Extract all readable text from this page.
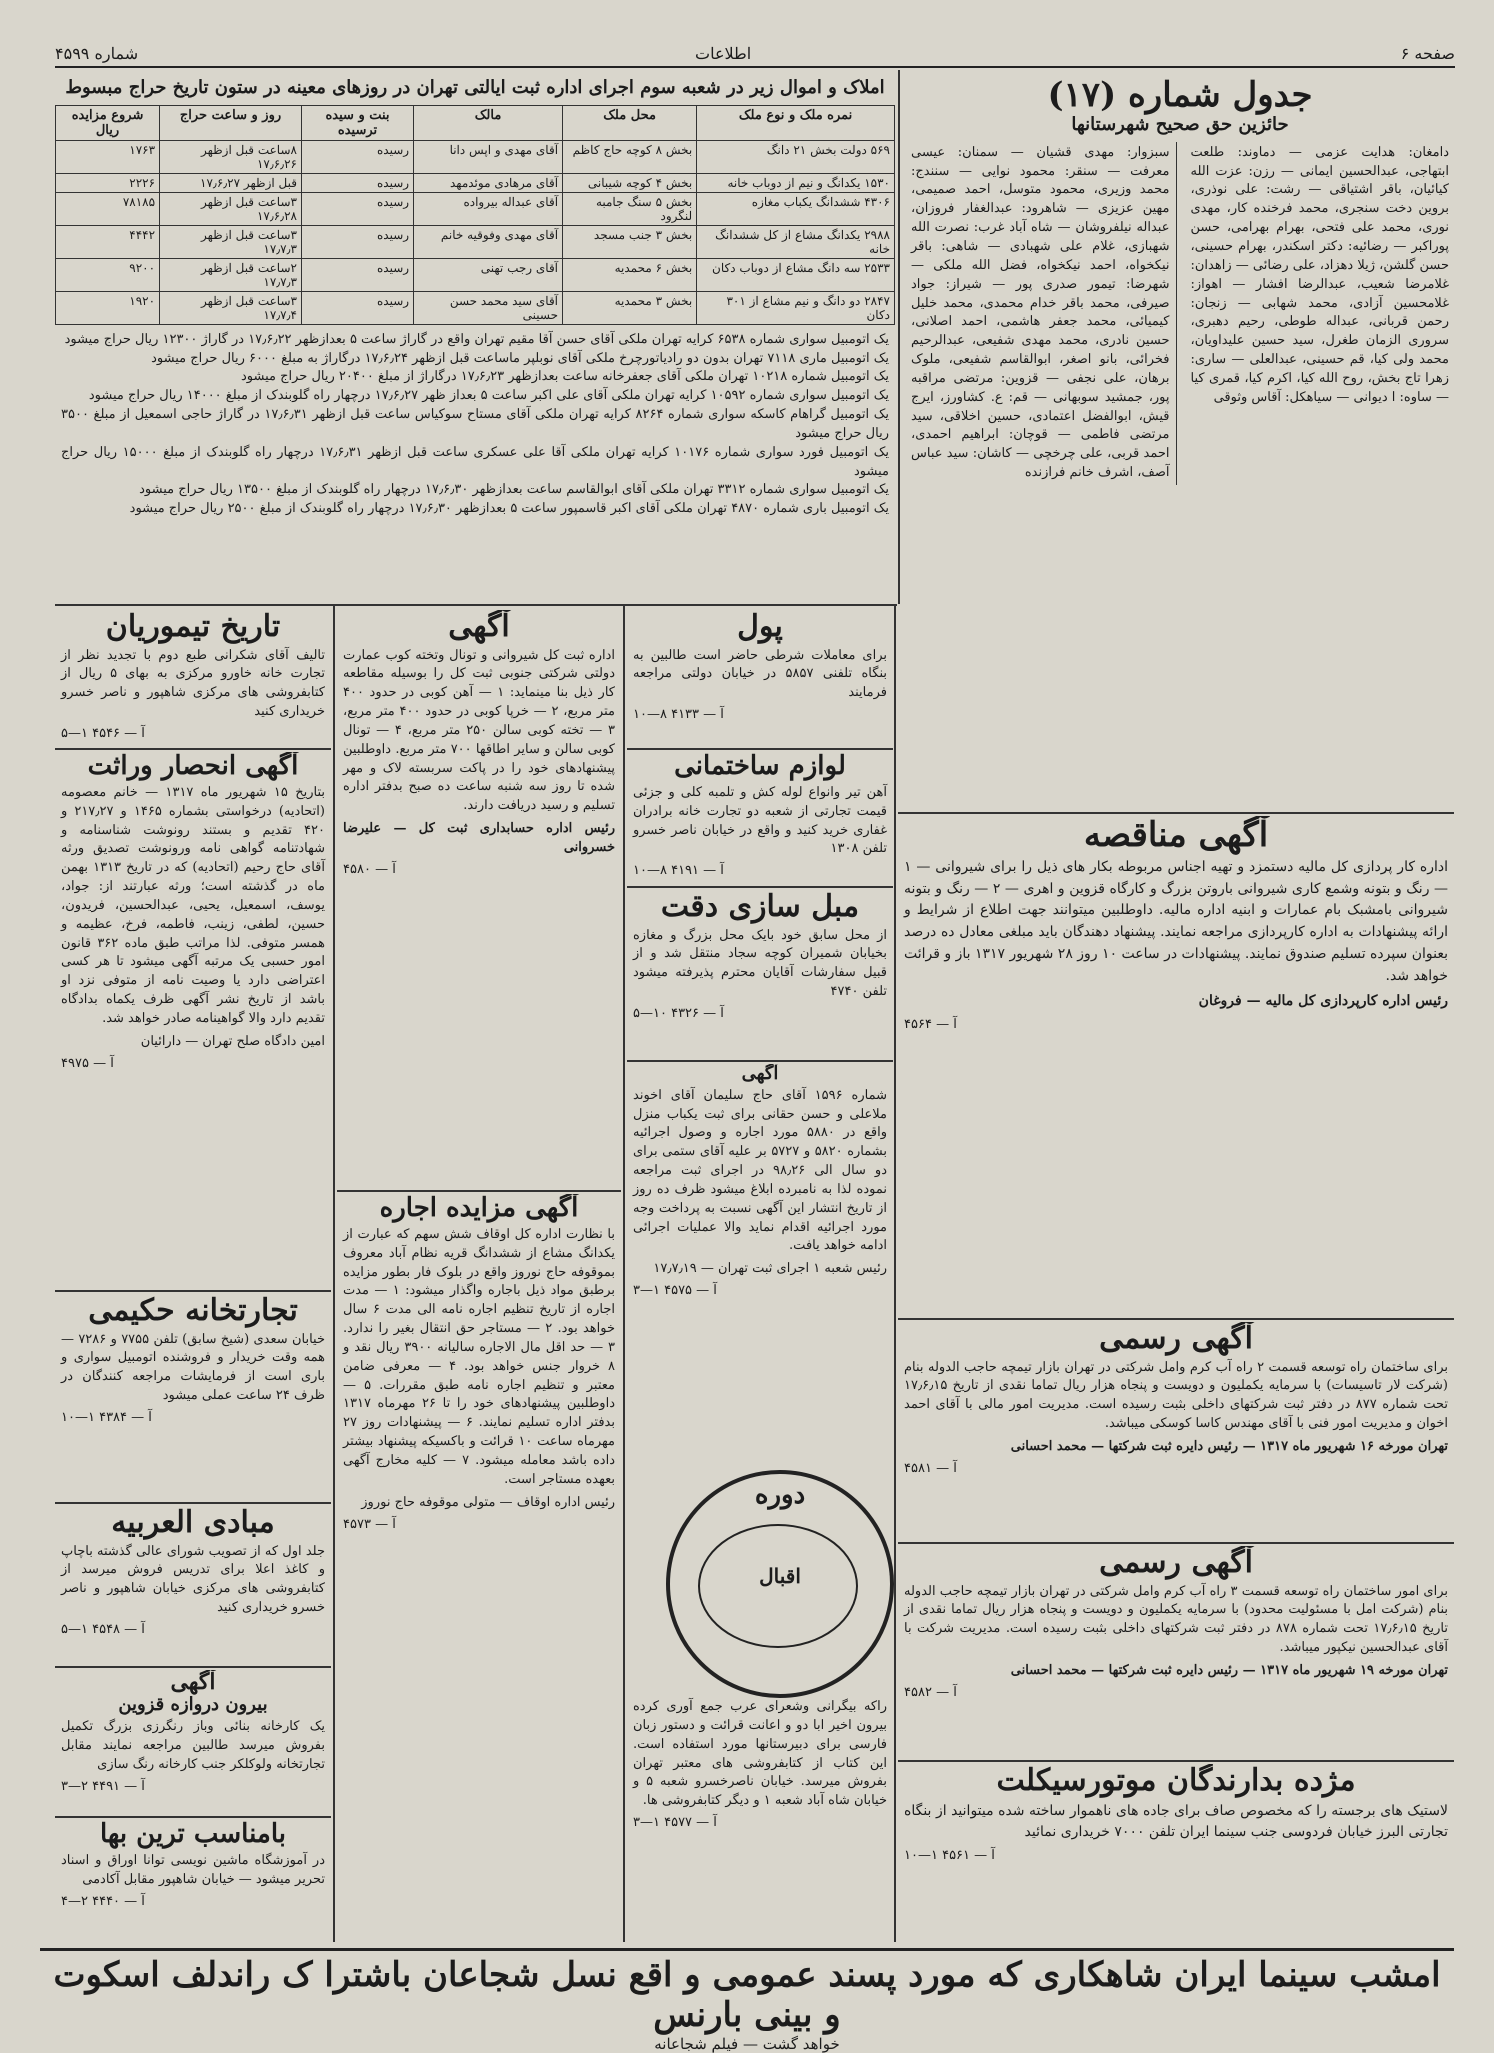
شماره ۴۵۹۹	اطلاعات	صفحه ۶
املاک و اموال زیر در شعبه سوم اجرای اداره ثبت ایالتی تهران در روزهای معینه در ستون تاریخ حراج مبسوط
نمره ملک و نوع ملک	محل ملک	مالک	بنت و سیده ترسیده	روز و ساعت حراج	شروع مزایده ریال
۵۶۹ دولت بخش ۲۱ دانگ	بخش ۸ کوچه حاج کاظم	آقای مهدی و اپس دانا	رسیده	۸ساعت قبل ازظهر ۱۷٫۶٫۲۶	۱۷۶۳
۱۵۳۰ یکدانگ و نیم از دوباب خانه	بخش ۴ کوچه شیبانی	آقای مرهادی موئدمهد	رسیده	قبل ازظهر ۱۷٫۶٫۲۷	۲۲۲۶
۴۳۰۶ ششدانگ یکباب مغازه	بخش ۵ سنگ جامبه لنگرود	آقای عبداله بیرواده	رسیده	۳ساعت قبل ازظهر ۱۷٫۶٫۲۸	۷۸۱۸۵
۲۹۸۸ یکدانگ مشاع از کل ششدانگ خانه	بخش ۳ جنب مسجد	آقای مهدی وفوقیه خانم	رسیده	۳ساعت قبل ازظهر ۱۷٫۷٫۳	۴۴۴۲
۲۵۳۳ سه دانگ مشاع از دوباب دکان	بخش ۶ محمدیه	آقای رجب تهنی	رسیده	۲ساعت قبل ازظهر ۱۷٫۷٫۳	۹۲۰۰
۲۸۴۷ دو دانگ و نیم مشاع از ۳۰۱ دکان	بخش ۳ محمدیه	آقای سید محمد حسن حسینی	رسیده	۳ساعت قبل ازظهر ۱۷٫۷٫۴	۱۹۲۰
یک اتومبیل سواری شماره ۶۵۳۸ کرایه تهران ملکی آقای حسن آقا مقیم تهران واقع در گاراژ ساعت ۵ بعدازظهر ۱۷٫۶٫۲۲ در گاراژ ۱۲۳۰۰ ریال حراج میشود
یک اتومبیل ماری ۷۱۱۸ تهران بدون دو رادیاتورچرخ ملکی آقای نوبلپر ماساعت قبل ازظهر ۱۷٫۶٫۲۴ درگاراژ به مبلغ ۶۰۰۰ ریال حراج میشود
یک اتومبیل شماره ۱۰۲۱۸ تهران ملکی آقای جعفرخانه ساعت بعدازظهر ۱۷٫۶٫۲۳ درگاراژ از مبلغ ۲۰۴۰۰ ریال حراج میشود
یک اتومبیل سواری شماره ۱۰۵۹۲ کرایه تهران ملکی آقای علی اکبر ساعت ۵ بعداز ظهر ۱۷٫۶٫۲۷ درچهار راه گلوبندک از مبلغ ۱۴۰۰۰ ریال حراج میشود
یک اتومبیل گراهام کاسکه سواری شماره ۸۲۶۴ کرایه تهران ملکی آقای مستاح سوکیاس ساعت قبل ازظهر ۱۷٫۶٫۳۱ در گاراژ حاجی اسمعیل از مبلغ ۳۵۰۰ ریال حراج میشود
یک اتومبیل فورد سواری شماره ۱۰۱۷۶ کرایه تهران ملکی آقا علی عسکری ساعت قبل ازظهر ۱۷٫۶٫۳۱ درچهار راه گلوبندک از مبلغ ۱۵۰۰۰ ریال حراج میشود
یک اتومبیل سواری شماره ۳۳۱۲ تهران ملکی آقای ابوالقاسم ساعت بعدازظهر ۱۷٫۶٫۳۰ درچهار راه گلوبندک از مبلغ ۱۳۵۰۰ ریال حراج میشود
یک اتومبیل باری شماره ۴۸۷۰ تهران ملکی آقای اکبر قاسمپور ساعت ۵ بعدازظهر ۱۷٫۶٫۳۰ درچهار راه گلوبندک از مبلغ ۲۵۰۰ ریال حراج میشود
جدول شماره (۱۷)
حائزین حق صحیح شهرستانها
دامغان: هدایت عزمی — دماوند: طلعت ابتهاجی، عبدالحسین ایمانی — رزن: عزت الله کیائیان، باقر اشتیاقی — رشت: علی نوذری، بروین دخت سنجری، محمد فرخنده کار، مهدی نوری، محمد علی فتحی، بهرام بهرامی، حسن پوراکبر — رضائیه: دکتر اسکندر، بهرام حسینی، حسن گلشن، ژیلا دهزاد، علی رضائی — زاهدان: غلامرضا شعیب، عبدالرضا افشار — اهواز: غلامحسین آزادی، محمد شهابی — زنجان: رحمن قربانی، عبداله طوطی، رحیم دهبری، سروری الزمان طغرل، سید حسین علیداویان، محمد ولی کیا، قم حسینی، عبدالعلی — ساری: زهرا تاج بخش، روح الله کیا، اکرم کیا، قمری کیا — ساوه: ا دیوانی — سیاهکل: آقاس وثوقی
سبزوار: مهدی قشیان — سمنان: عیسی معرفت — سنقر: محمود نوایی — سنندج: محمد وزیری، محمود متوسل، احمد صمیمی، مهین عزیزی — شاهرود: عبدالغفار فروزان، عبداله نیلفروشان — شاه آباد غرب: نصرت الله شهبازی، غلام علی شهبادی — شاهی: باقر نیکخواه، احمد نیکخواه، فضل الله ملکی — شهرضا: تیمور صدری پور — شیراز: جواد صیرفی، محمد باقر خدام محمدی، محمد خلیل کیمیائی، محمد جعفر هاشمی، احمد اصلانی، حسین نادری، محمد مهدی شفیعی، عبدالرحیم فخرائی، بانو اصغر، ابوالقاسم شفیعی، ملوک برهان، علی نجفی — قزوین: مرتضی مراقبه پور، جمشید سوبهانی — قم: ع. کشاورز، ایرج قیش، ابوالفضل اعتمادی، حسین اخلاقی، سید مرتضی فاطمی — قوچان: ابراهیم احمدی، احمد قربی، علی چرخچی — کاشان: سید عباس آصف، اشرف خانم فرازنده
آگهی مناقصه
اداره کار پردازی کل مالیه دستمزد و تهیه اجناس مربوطه بکار های ذیل را برای شیروانی — ۱ — رنگ و بتونه وشمع کاری شیروانی باروتن بزرگ و کارگاه قزوین و اهری — ۲ — رنگ و بتونه شیروانی بامشبک بام عمارات و ابنیه اداره مالیه. داوطلبین میتوانند جهت اطلاع از شرایط و ارائه پیشنهادات به اداره کارپردازی مراجعه نمایند. پیشنهاد دهندگان باید مبلغی معادل ده درصد بعنوان سپرده تسلیم صندوق نمایند. پیشنهادات در ساعت ۱۰ روز ۲۸ شهریور ۱۳۱۷ باز و قرائت خواهد شد.
رئیس اداره کارپردازی کل مالیه — فروغان
آ — ۴۵۶۴
آگهی رسمی
برای ساختمان راه توسعه قسمت ۲ راه آب کرم وامل شرکتی در تهران بازار تیمچه حاجب الدوله بنام (شرکت لار تاسیسات) با سرمایه یکملیون و دویست و پنجاه هزار ریال تماما نقدی از تاریخ ۱۷٫۶٫۱۵ تحت شماره ۸۷۷ در دفتر ثبت شرکتهای داخلی بثبت رسیده است. مدیریت امور مالی با آقای احمد اخوان و مدیریت امور فنی با آقای مهندس کاسا کوسکی میباشد.
تهران مورخه ۱۶ شهریور ماه ۱۳۱۷ — رئیس دایره ثبت شرکتها — محمد احسانی
آ — ۴۵۸۱
آگهی رسمی
برای امور ساختمان راه توسعه قسمت ۳ راه آب کرم وامل شرکتی در تهران بازار تیمچه حاجب الدوله بنام (شرکت امل با مسئولیت محدود) با سرمایه یکملیون و دویست و پنجاه هزار ریال تماما نقدی از تاریخ ۱۷٫۶٫۱۵ تحت شماره ۸۷۸ در دفتر ثبت شرکتهای داخلی بثبت رسیده است. مدیریت شرکت با آقای عبدالحسین نیکپور میباشد.
تهران مورخه ۱۹ شهریور ماه ۱۳۱۷ — رئیس دایره ثبت شرکتها — محمد احسانی
آ — ۴۵۸۲
مژده بدارندگان موتورسیکلت
لاستیک های برجسته را که مخصوص صاف برای جاده های ناهموار ساخته شده میتوانید از بنگاه تجارتی البرز خیابان فردوسی جنب سینما ایران تلفن ۷۰۰۰ خریداری نمائید
آ — ۴۵۶۱ ۱—۱۰
پول
برای معاملات شرطی حاضر است طالبین به بنگاه تلفنی ۵۸۵۷ در خیابان دولتی مراجعه فرمایند
آ — ۴۱۳۳ ۸—۱۰
لوازم ساختمانی
آهن تیر وانواع لوله کش و تلمبه کلی و جزئی قیمت تجارتی از شعبه دو تجارت خانه برادران غفاری خرید کنید و واقع در خیابان ناصر خسرو تلفن ۱۳۰۸
آ — ۴۱۹۱ ۸—۱۰
مبل سازی دقت
از محل سابق خود بایک محل بزرگ و مغازه بخیابان شمیران کوچه سجاد منتقل شد و از قبیل سفارشات آقایان محترم پذیرفته میشود تلفن ۴۷۴۰
آ — ۴۳۲۶ ۱۰—۵
آگهی
شماره ۱۵۹۶ آقای حاج سلیمان آقای اخوند ملاعلی و حسن حقانی برای ثبت یکباب منزل واقع در ۵۸۸۰ مورد اجاره و وصول اجرائیه بشماره ۵۸۲۰ و ۵۷۲۷ بر علیه آقای ستمی برای دو سال الی ۹۸٫۲۶ در اجرای ثبت مراجعه نموده لذا به نامبرده ابلاغ میشود ظرف ده روز از تاریخ انتشار این آگهی نسبت به پرداخت وجه مورد اجرائیه اقدام نماید والا عملیات اجرائی ادامه خواهد یافت.
رئیس شعبه ۱ اجرای ثبت تهران — ۱۷٫۷٫۱۹
آ — ۴۵۷۵ ۱—۳
دوره
اقبال
راکه بیگرانی وشعرای عرب جمع آوری کرده بیرون اخیر ابا دو و اعانت قرائت و دستور زبان فارسی برای دبیرستانها مورد استفاده است. این کتاب از کتابفروشی های معتبر تهران بفروش میرسد. خیابان ناصرخسرو شعبه ۵ و خیابان شاه آباد شعبه ۱ و دیگر کتابفروشی ها.
آ — ۴۵۷۷ ۱—۳
آگهی
اداره ثبت کل شیروانی و تونال وتخته کوب عمارت دولتی شرکتی جنوبی ثبت کل را بوسیله مقاطعه کار ذیل بنا مینماید: ۱ — آهن کوبی در حدود ۴۰۰ متر مربع، ۲ — خرپا کوبی در حدود ۴۰۰ متر مربع، ۳ — تخته کوبی سالن ۲۵۰ متر مربع، ۴ — تونال کوبی سالن و سایر اطاقها ۷۰۰ متر مربع. داوطلبین پیشنهادهای خود را در پاکت سربسته لاک و مهر شده تا روز سه شنبه ساعت ده صبح بدفتر اداره تسلیم و رسید دریافت دارند.
رئیس اداره حسابداری ثبت کل — علیرضا خسروانی
آ — ۴۵۸۰
آگهی مزایده اجاره
با نظارت اداره کل اوقاف شش سهم که عبارت از یکدانگ مشاع از ششدانگ قریه نظام آباد معروف بموقوفه حاج نوروز واقع در بلوک فار بطور مزایده برطبق مواد ذیل باجاره واگذار میشود: ۱ — مدت اجاره از تاریخ تنظیم اجاره نامه الی مدت ۶ سال خواهد بود. ۲ — مستاجر حق انتقال بغیر را ندارد. ۳ — حد اقل مال الاجاره سالیانه ۳۹۰۰ ریال نقد و ۸ خروار جنس خواهد بود. ۴ — معرفی ضامن معتبر و تنظیم اجاره نامه طبق مقررات. ۵ — داوطلبین پیشنهادهای خود را تا ۲۶ مهرماه ۱۳۱۷ بدفتر اداره تسلیم نمایند. ۶ — پیشنهادات روز ۲۷ مهرماه ساعت ۱۰ قرائت و باکسیکه پیشنهاد بیشتر داده باشد معامله میشود. ۷ — کلیه مخارج آگهی بعهده مستاجر است.
رئیس اداره اوقاف — متولی موقوفه حاج نوروز
آ — ۴۵۷۳
تاریخ تیموریان
تالیف آقای شکرانی طبع دوم با تجدید نظر از تجارت خانه خاورو مرکزی به بهای ۵ ریال از کتابفروشی های مرکزی شاهپور و ناصر خسرو خریداری کنید
آ — ۴۵۴۶ ۱—۵
آگهی انحصار وراثت
بتاریخ ۱۵ شهریور ماه ۱۳۱۷ — خانم معصومه (اتحادیه) درخواستی بشماره ۱۴۶۵ و ۲۱۷٫۲۷ و ۴۲۰ تقدیم و بستند رونوشت شناسنامه و شهادتنامه گواهی نامه ورونوشت تصدیق ورثه آقای حاج رحیم (اتحادیه) که در تاریخ ۱۳۱۳ بهمن ماه در گذشته است؛ ورثه عبارتند از: جواد، یوسف، اسمعیل، یحیی، عبدالحسین، فریدون، حسین، لطفی، زینب، فاطمه، فرخ، عظیمه و همسر متوفی. لذا مراتب طبق ماده ۳۶۲ قانون امور حسبی یک مرتبه آگهی میشود تا هر کسی اعتراضی دارد یا وصیت نامه از متوفی نزد او باشد از تاریخ نشر آگهی ظرف یکماه بدادگاه تقدیم دارد والا گواهینامه صادر خواهد شد.
امین دادگاه صلح تهران — دارائیان
آ — ۴۹۷۵
تجارتخانه حکیمی
خیابان سعدی (شیخ سابق) تلفن ۷۷۵۵ و ۷۲۸۶ — همه وقت خریدار و فروشنده اتومبیل سواری و باری است از فرمایشات مراجعه کنندگان در ظرف ۲۴ ساعت عملی میشود
آ — ۴۳۸۴ ۱—۱۰
مبادی العربیه
جلد اول که از تصویب شورای عالی گذشته باچاپ و کاغذ اعلا برای تدریس فروش میرسد از کتابفروشی های مرکزی خیابان شاهپور و ناصر خسرو خریداری کنید
آ — ۴۵۴۸ ۱—۵
آگهی
بیرون دروازه قزوین
یک کارخانه بنائی وباز رنگرزی بزرگ تکمیل بفروش میرسد طالبین مراجعه نمایند مقابل تجارتخانه ولوکلکر جنب کارخانه رنگ سازی
آ — ۴۴۹۱ ۲—۳
بامناسب ترین بها
در آموزشگاه ماشین نویسی توانا اوراق و اسناد تحریر میشود — خیابان شاهپور مقابل آکادمی
آ — ۴۴۴۰ ۲—۴
امشب سینما ایران شاهکاری که مورد پسند عمومی و اقع نسل شجاعان باشترا ک راندلف اسکوت و بینی بارنس
خواهد گشت — فیلم شجاعانه
